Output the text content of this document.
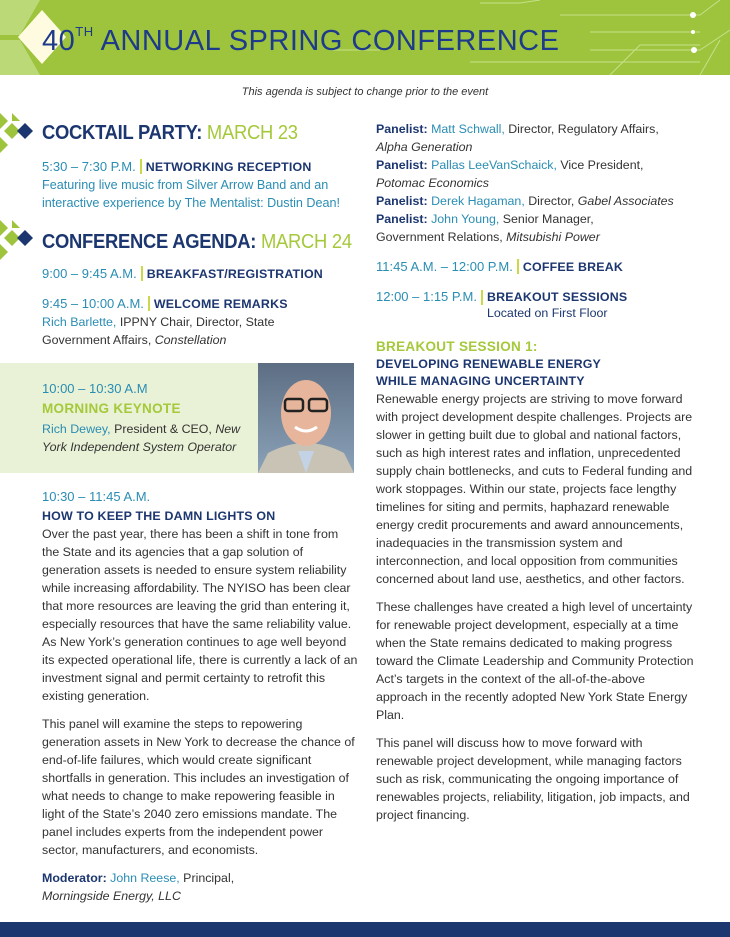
40TH ANNUAL SPRING CONFERENCE
This agenda is subject to change prior to the event
COCKTAIL PARTY: MARCH 23
5:30 – 7:30 P.M. NETWORKING RECEPTION
Featuring live music from Silver Arrow Band and an interactive experience by The Mentalist: Dustin Dean!
CONFERENCE AGENDA: MARCH 24
9:00 – 9:45 A.M. BREAKFAST/REGISTRATION
9:45 – 10:00 A.M. WELCOME REMARKS
Rich Barlette, IPPNY Chair, Director, State Government Affairs, Constellation
10:00 – 10:30 A.M
MORNING KEYNOTE
Rich Dewey, President & CEO, New York Independent System Operator
10:30 – 11:45 A.M.
HOW TO KEEP THE DAMN LIGHTS ON

Over the past year, there has been a shift in tone from the State and its agencies that a gap solution of generation assets is needed to ensure system reliability while increasing affordability. The NYISO has been clear that more resources are leaving the grid than entering it, especially resources that have the same reliability value. As New York’s generation continues to age well beyond its expected operational life, there is currently a lack of an investment signal and permit certainty to retrofit this existing generation.

This panel will examine the steps to repowering generation assets in New York to decrease the chance of end-of-life failures, which would create significant shortfalls in generation. This includes an investigation of what needs to change to make repowering feasible in light of the State’s 2040 zero emissions mandate. The panel includes experts from the independent power sector, manufacturers, and economists.

Moderator: John Reese, Principal,
Morningside Energy, LLC
Panelist: Matt Schwall, Director, Regulatory Affairs,
Alpha Generation
Panelist: Pallas LeeVanSchaick, Vice President,
Potomac Economics
Panelist: Derek Hagaman, Director, Gabel Associates
Panelist: John Young, Senior Manager, Government Relations, Mitsubishi Power
11:45 A.M. – 12:00 P.M. COFFEE BREAK
12:00 – 1:15 P.M. BREAKOUT SESSIONS
Located on First Floor
BREAKOUT SESSION 1:
DEVELOPING RENEWABLE ENERGY WHILE MANAGING UNCERTAINTY

Renewable energy projects are striving to move forward with project development despite challenges. Projects are slower in getting built due to global and national factors, such as high interest rates and inflation, unprecedented supply chain bottlenecks, and cuts to Federal funding and work stoppages. Within our state, projects face lengthy timelines for siting and permits, haphazard renewable energy credit procurements and award announcements, inadequacies in the transmission system and interconnection, and local opposition from communities concerned about land use, aesthetics, and other factors.

These challenges have created a high level of uncertainty for renewable project development, especially at a time when the State remains dedicated to making progress toward the Climate Leadership and Community Protection Act’s targets in the context of the all-of-the-above approach in the recently adopted New York State Energy Plan.

This panel will discuss how to move forward with renewable project development, while managing factors such as risk, communicating the ongoing importance of renewables projects, reliability, litigation, job impacts, and project financing.
